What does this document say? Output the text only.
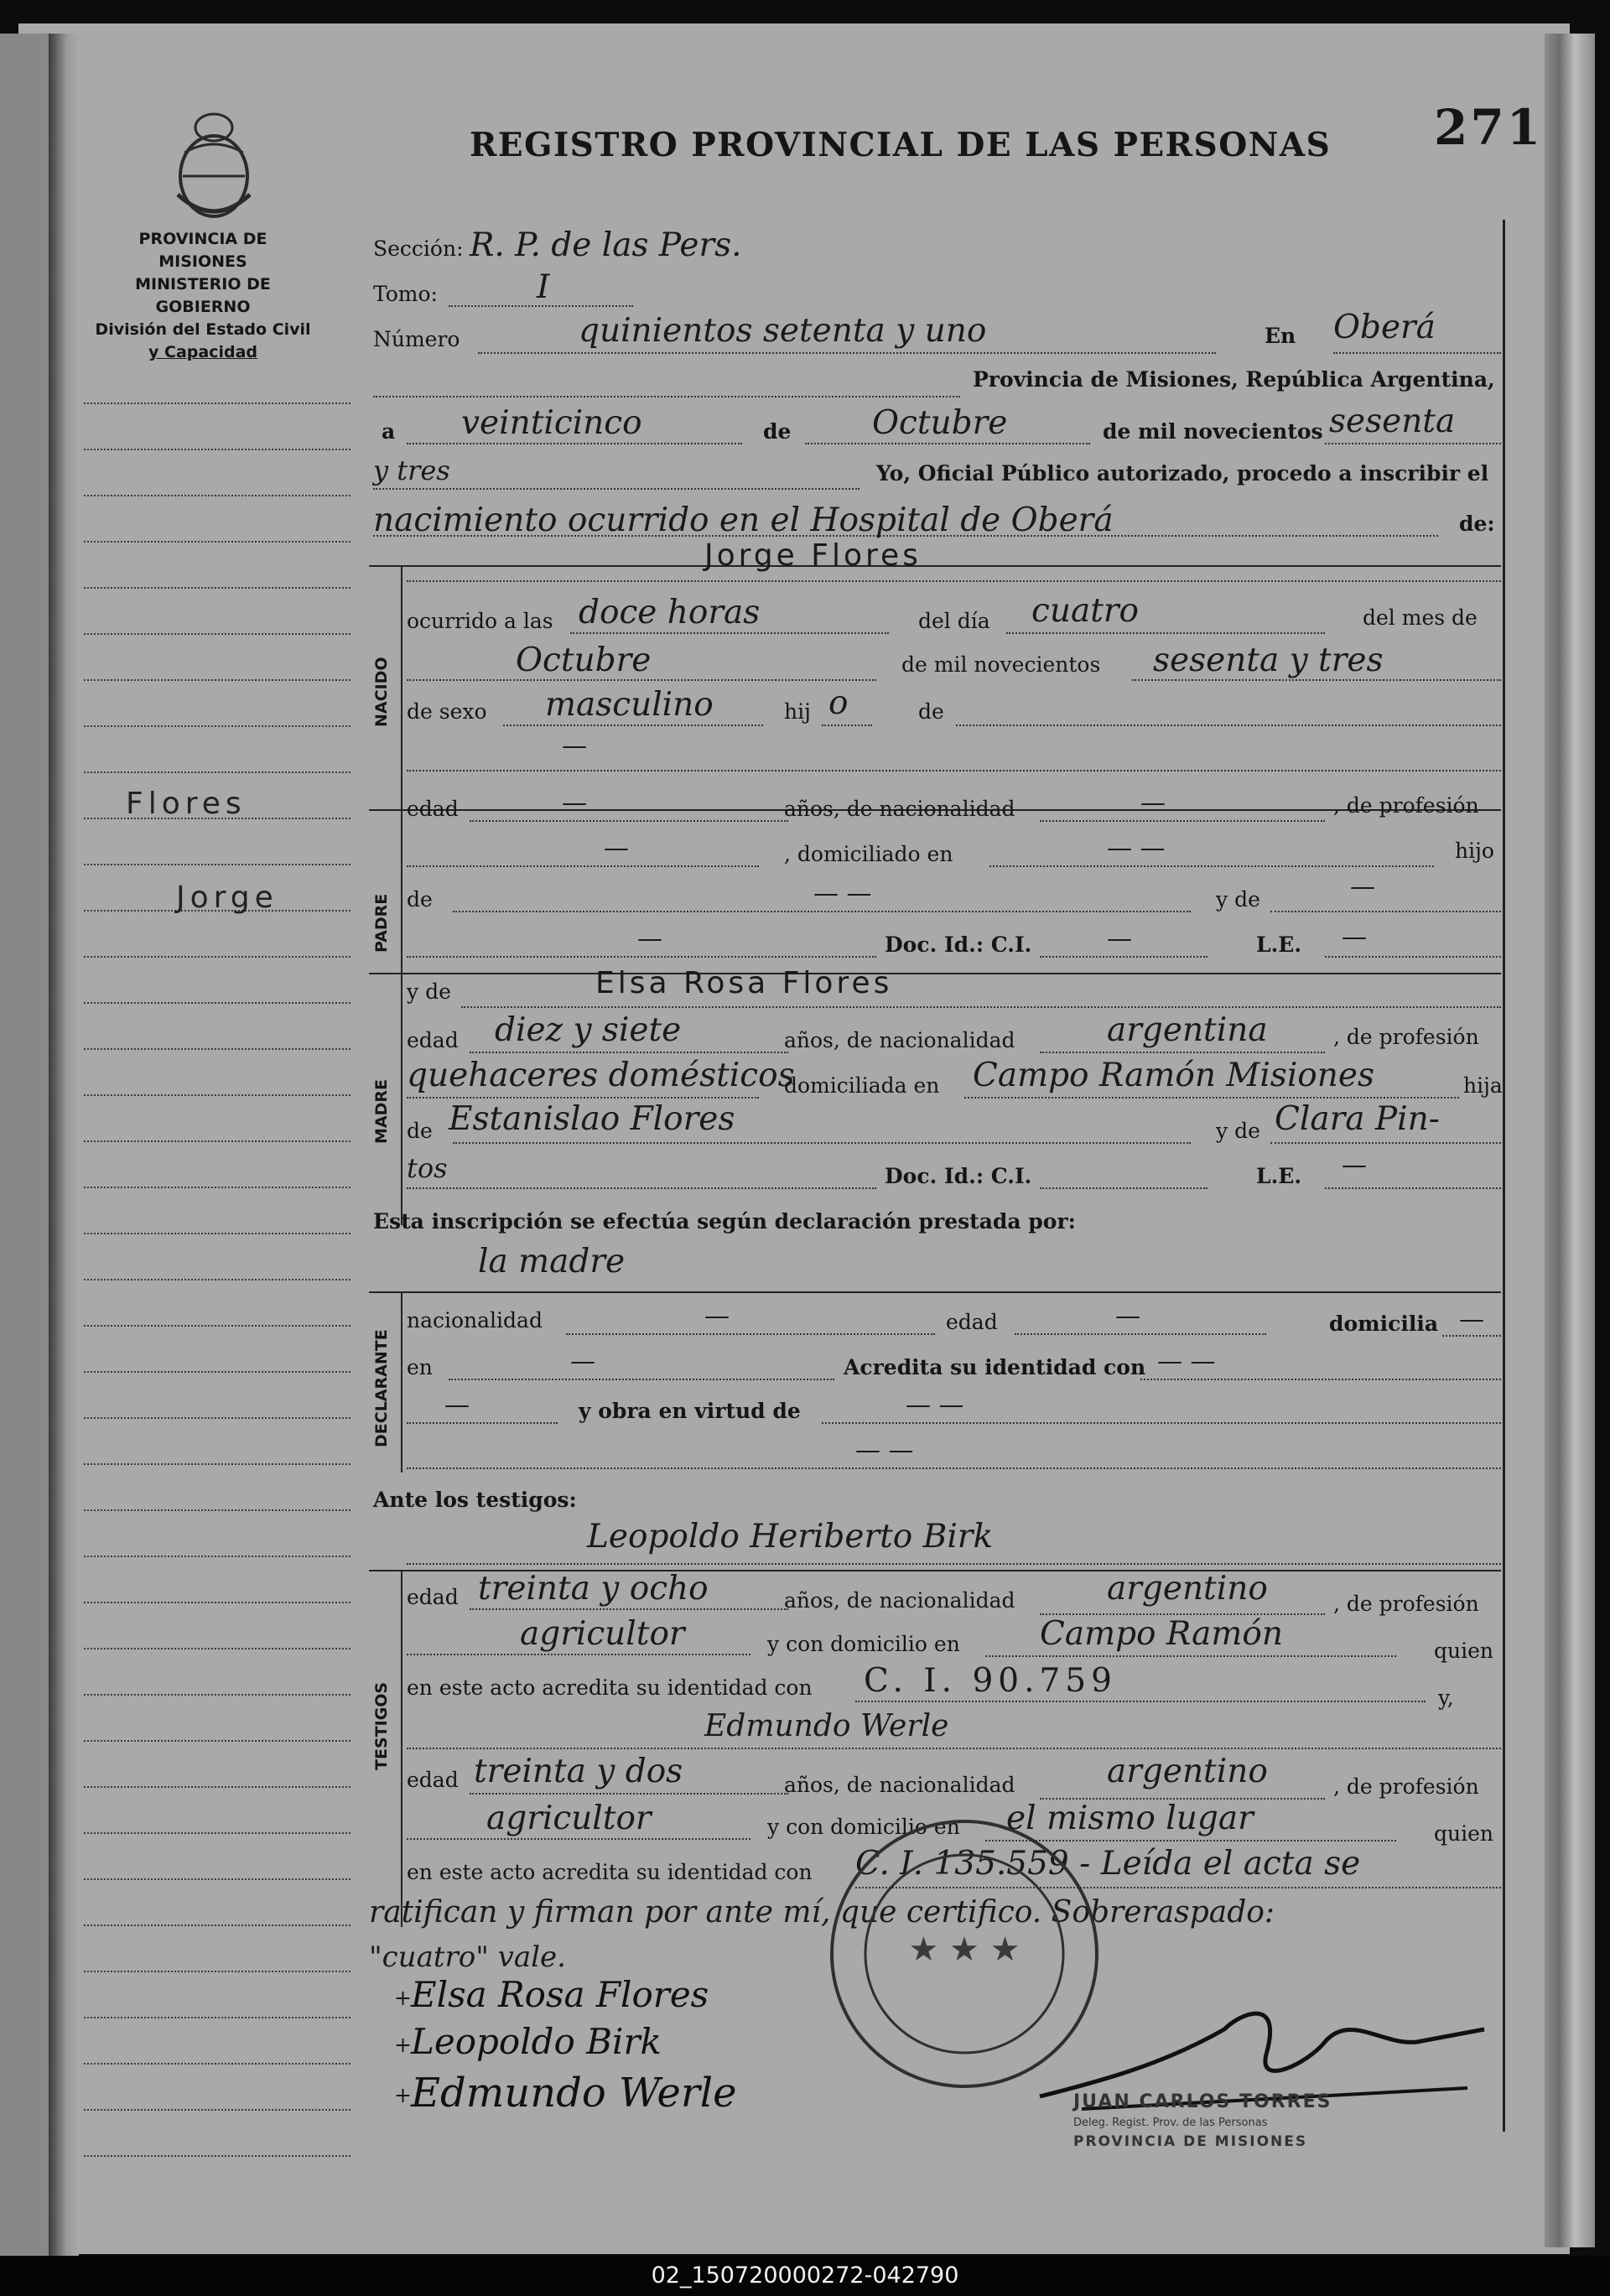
REGISTRO PROVINCIAL DE LAS PERSONAS 271
PROVINCIA DE MISIONES
MINISTERIO DE GOBIERNO
División del Estado Civil
y Capacidad
Flores
Jorge
Sección: R. P. de las Pers.
Tomo:	I
Número	quinientos setenta y uno	En Oberá
Provincia de Misiones, República Argentina,
a veinticinco	de Octubre	de mil novecientos sesenta
y tres	Yo, Oficial Público autorizado, procedo a inscribir el
nacimiento ocurrido en el Hospital de Oberá	de:
NACIDO
Jorge Flores
ocurrido a las doce horas	del día cuatro	del mes de
Octubre	de mil novecientos sesenta y tres
de sexo masculino	hij o	de
—
PADRE
edad	—	años, de nacionalidad	—	, de profesión
—	, domiciliado en	— —	hijo
de	— —	y de	—
—	Doc. Id.: C.I.	—	L.E. —
MADRE
y de	Elsa Rosa Flores
edad diez y siete	años, de nacionalidad	argentina	, de profesión
quehaceres domésticos
domiciliada en Campo Ramón Misiones	hija
de Estanislao Flores	y de Clara Pin-
tos	Doc. Id.: C.I.	L.E. —
Esta inscripción se efectúa según declaración prestada por:
la madre
DECLARANTE
nacionalidad	—	edad	—	domicilia —
en	—	Acredita su identidad con — —
—	y obra en virtud de	— —
— —
Ante los testigos:
Leopoldo Heriberto Birk
TESTIGOS
edad treinta y ocho	años, de nacionalidad	argentino	, de profesión
agricultor	y con domicilio en Campo Ramón	quien
en este acto acredita su identidad con C. I. 90.759	y,
Edmundo Werle
edad treinta y dos	años, de nacionalidad	argentino	, de profesión
agricultor	y con domicilio en el mismo lugar	quien
en este acto acredita su identidad con C. I. 135.559 - Leída el acta se
ratifican y firman por ante mí, que certifico. Sobreraspado:
"cuatro" vale.
+ Elsa Rosa Flores
+ Leopoldo Birk
+ Edmundo Werle
★ ★ ★
JUAN CARLOS TORRES
Deleg. Regist. Prov. de las Personas
PROVINCIA DE MISIONES
02_150720000272-042790
